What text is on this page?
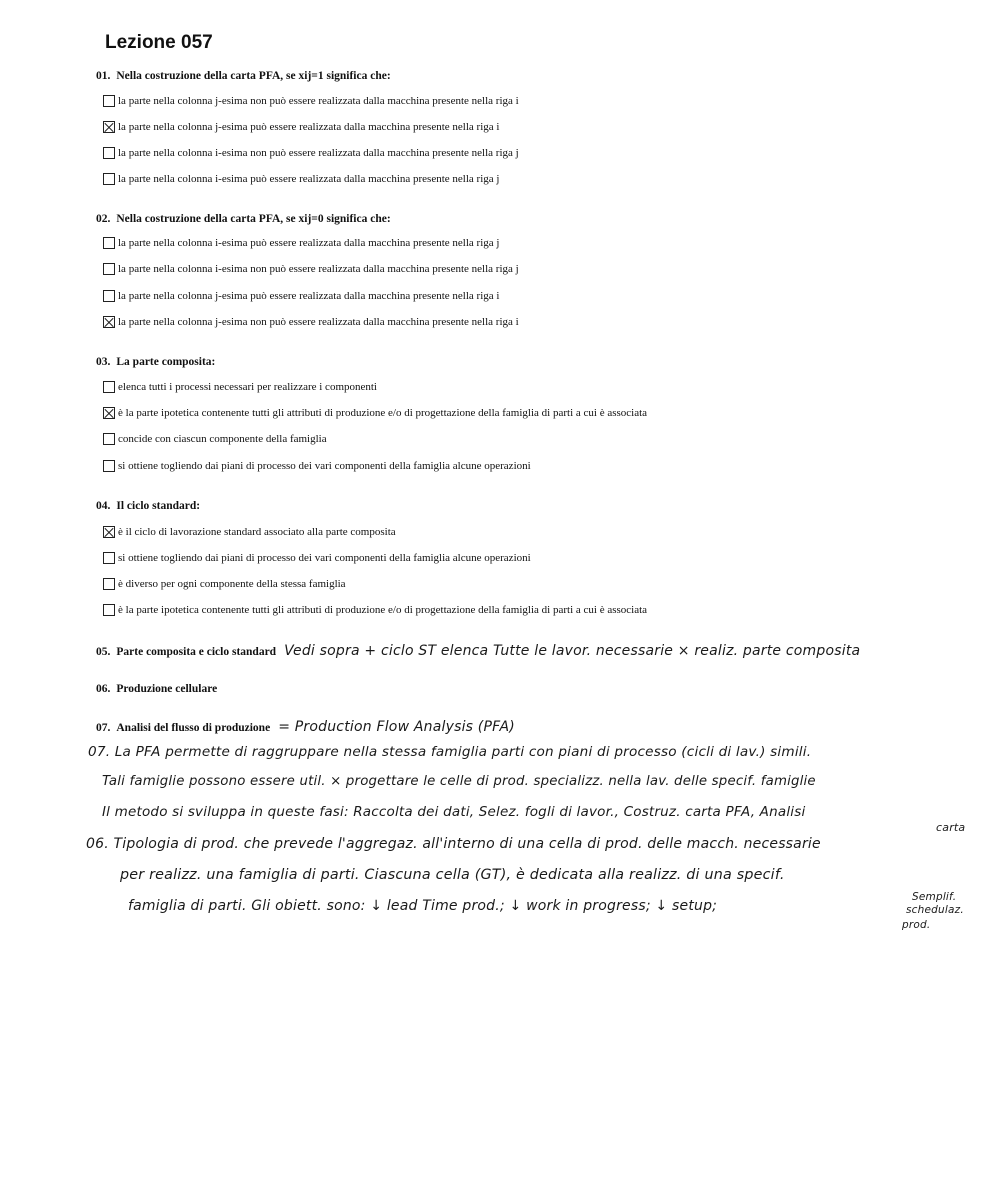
Lezione 057
01. Nella costruzione della carta PFA, se xij=1 significa che:
la parte nella colonna j-esima non può essere realizzata dalla macchina presente nella riga i
la parte nella colonna j-esima può essere realizzata dalla macchina presente nella riga i
la parte nella colonna i-esima non può essere realizzata dalla macchina presente nella riga j
la parte nella colonna i-esima può essere realizzata dalla macchina presente nella riga j
02. Nella costruzione della carta PFA, se xij=0 significa che:
la parte nella colonna i-esima può essere realizzata dalla macchina presente nella riga j
la parte nella colonna i-esima non può essere realizzata dalla macchina presente nella riga j
la parte nella colonna j-esima può essere realizzata dalla macchina presente nella riga i
la parte nella colonna j-esima non può essere realizzata dalla macchina presente nella riga i
03. La parte composita:
elenca tutti i processi necessari per realizzare i componenti
è la parte ipotetica contenente tutti gli attributi di produzione e/o di progettazione della famiglia di parti a cui è associata
concide con ciascun componente della famiglia
si ottiene togliendo dai piani di processo dei vari componenti della famiglia alcune operazioni
04. Il ciclo standard:
è il ciclo di lavorazione standard associato alla parte composita
si ottiene togliendo dai piani di processo dei vari componenti della famiglia alcune operazioni
è diverso per ogni componente della stessa famiglia
è la parte ipotetica contenente tutti gli attributi di produzione e/o di progettazione della famiglia di parti a cui è associata
05. Parte composita e ciclo standard Vedi sopra + ciclo ST elenca Tutte le lavor. necessarie × realiz. parte composita
06. Produzione cellulare
07. Analisi del flusso di produzione = Production Flow Analysis (PFA)
07. La PFA permette di raggruppare nella stessa famiglia parti con piani di processo (cicli di lav.) simili.
Tali famiglie possono essere util. × progettare le celle di prod. specializz. nella lav. delle specif. famiglie
Il metodo si sviluppa in queste fasi: Raccolta dei dati, Selez. fogli di lavor., Costruz. carta PFA, Analisi
carta
06. Tipologia di prod. che prevede l'aggregaz. all'interno di una cella di prod. delle macch. necessarie
per realizz. una famiglia di parti. Ciascuna cella (GT), è dedicata alla realizz. di una specif.
famiglia di parti. Gli obiett. sono: ↓ lead Time prod.; ↓ work in progress; ↓ setup;
Semplif.
schedulaz.
prod.
